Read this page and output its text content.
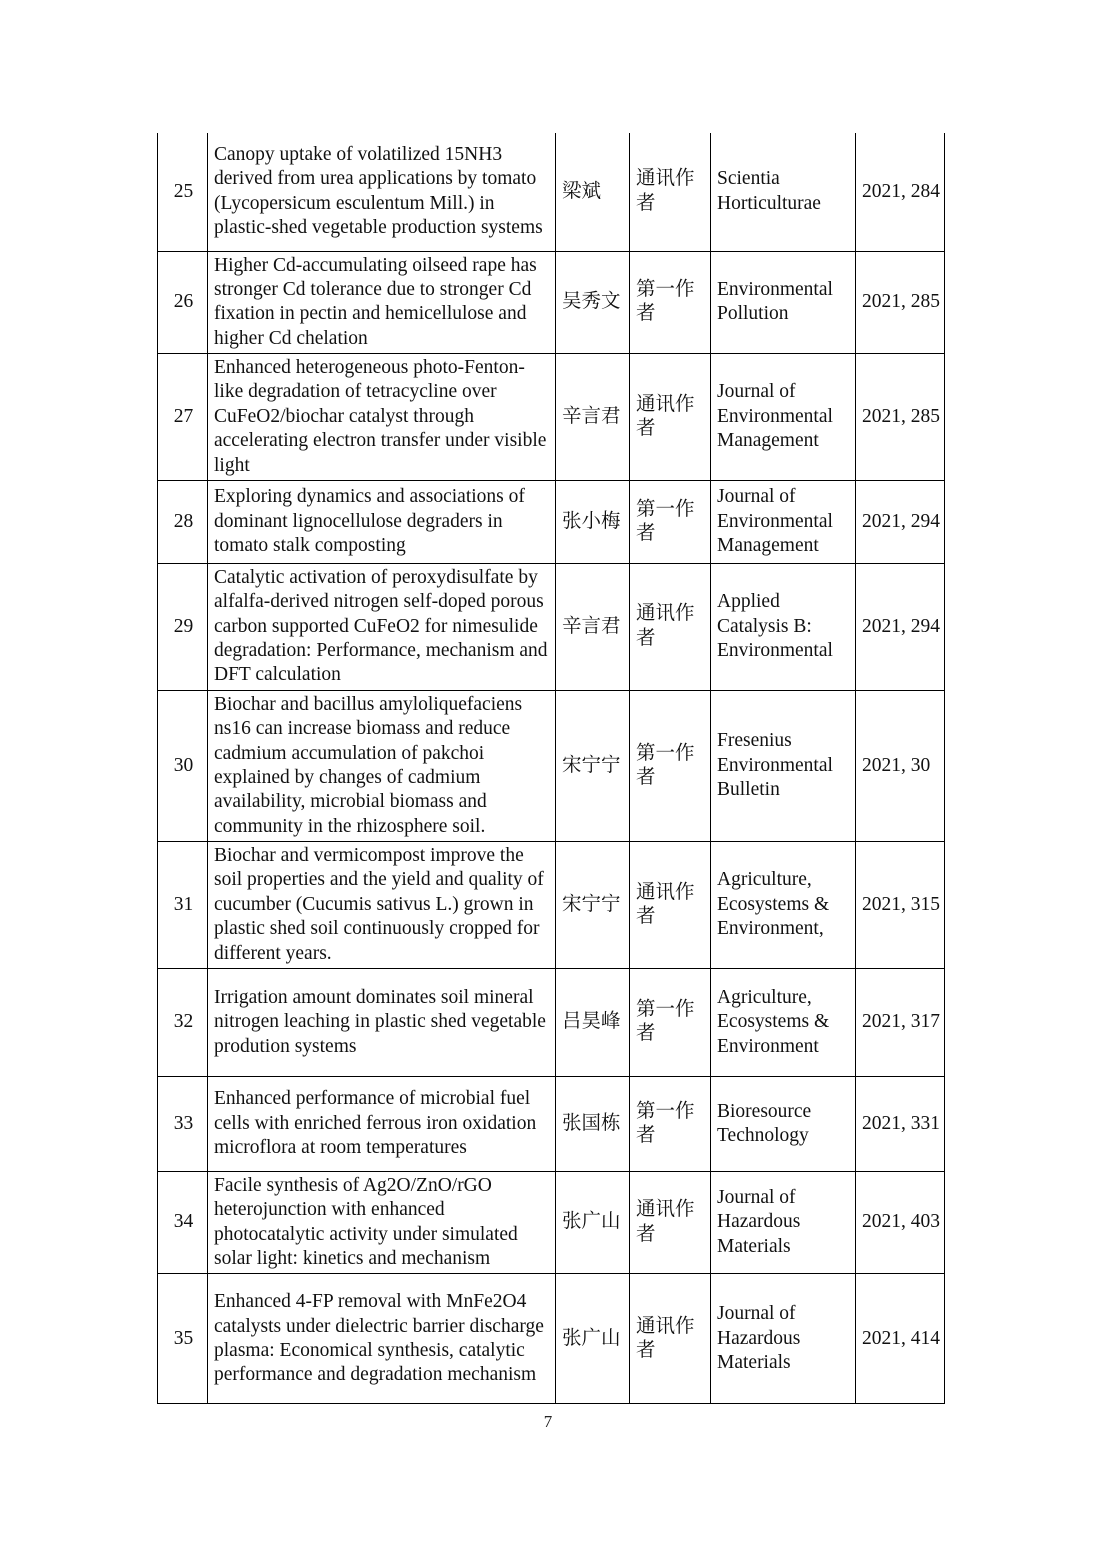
25	Canopy uptake of volatilized 15NH3 derived from urea applications by tomato (Lycopersicum esculentum Mill.) in plastic-shed vegetable production systems	梁斌	通讯作者	Scientia Horticulturae	2021, 284
26	Higher Cd-accumulating oilseed rape has stronger Cd tolerance due to stronger Cd fixation in pectin and hemicellulose and higher Cd chelation	吴秀文	第一作者	Environmental Pollution	2021, 285
27	Enhanced heterogeneous photo-Fenton-like degradation of tetracycline over CuFeO2/biochar catalyst through accelerating electron transfer under visible light	辛言君	通讯作者	Journal of Environmental Management	2021, 285
28	Exploring dynamics and associations of dominant lignocellulose degraders in tomato stalk composting	张小梅	第一作者	Journal of Environmental Management	2021, 294
29	Catalytic activation of peroxydisulfate by alfalfa-derived nitrogen self-doped porous carbon supported CuFeO2 for nimesulide degradation: Performance, mechanism and DFT calculation	辛言君	通讯作者	Applied Catalysis B: Environmental	2021, 294
30	Biochar and bacillus amyloliquefaciens ns16 can increase biomass and reduce cadmium accumulation of pakchoi explained by changes of cadmium availability, microbial biomass and community in the rhizosphere soil.	宋宁宁	第一作者	Fresenius Environmental Bulletin	2021, 30
31	Biochar and vermicompost improve the soil properties and the yield and quality of cucumber (Cucumis sativus L.) grown in plastic shed soil continuously cropped for different years.	宋宁宁	通讯作者	Agriculture, Ecosystems & Environment,	2021, 315
32	Irrigation amount dominates soil mineral nitrogen leaching in plastic shed vegetable prodution systems	吕昊峰	第一作者	Agriculture, Ecosystems & Environment	2021, 317
33	Enhanced performance of microbial fuel cells with enriched ferrous iron oxidation microflora at room temperatures	张国栋	第一作者	Bioresource Technology	2021, 331
34	Facile synthesis of Ag2O/ZnO/rGO heterojunction with enhanced photocatalytic activity under simulated solar light: kinetics and mechanism	张广山	通讯作者	Journal of Hazardous Materials	2021, 403
35	Enhanced 4-FP removal with MnFe2O4 catalysts under dielectric barrier discharge plasma: Economical synthesis, catalytic performance and degradation mechanism	张广山	通讯作者	Journal of Hazardous Materials	2021, 414
7
